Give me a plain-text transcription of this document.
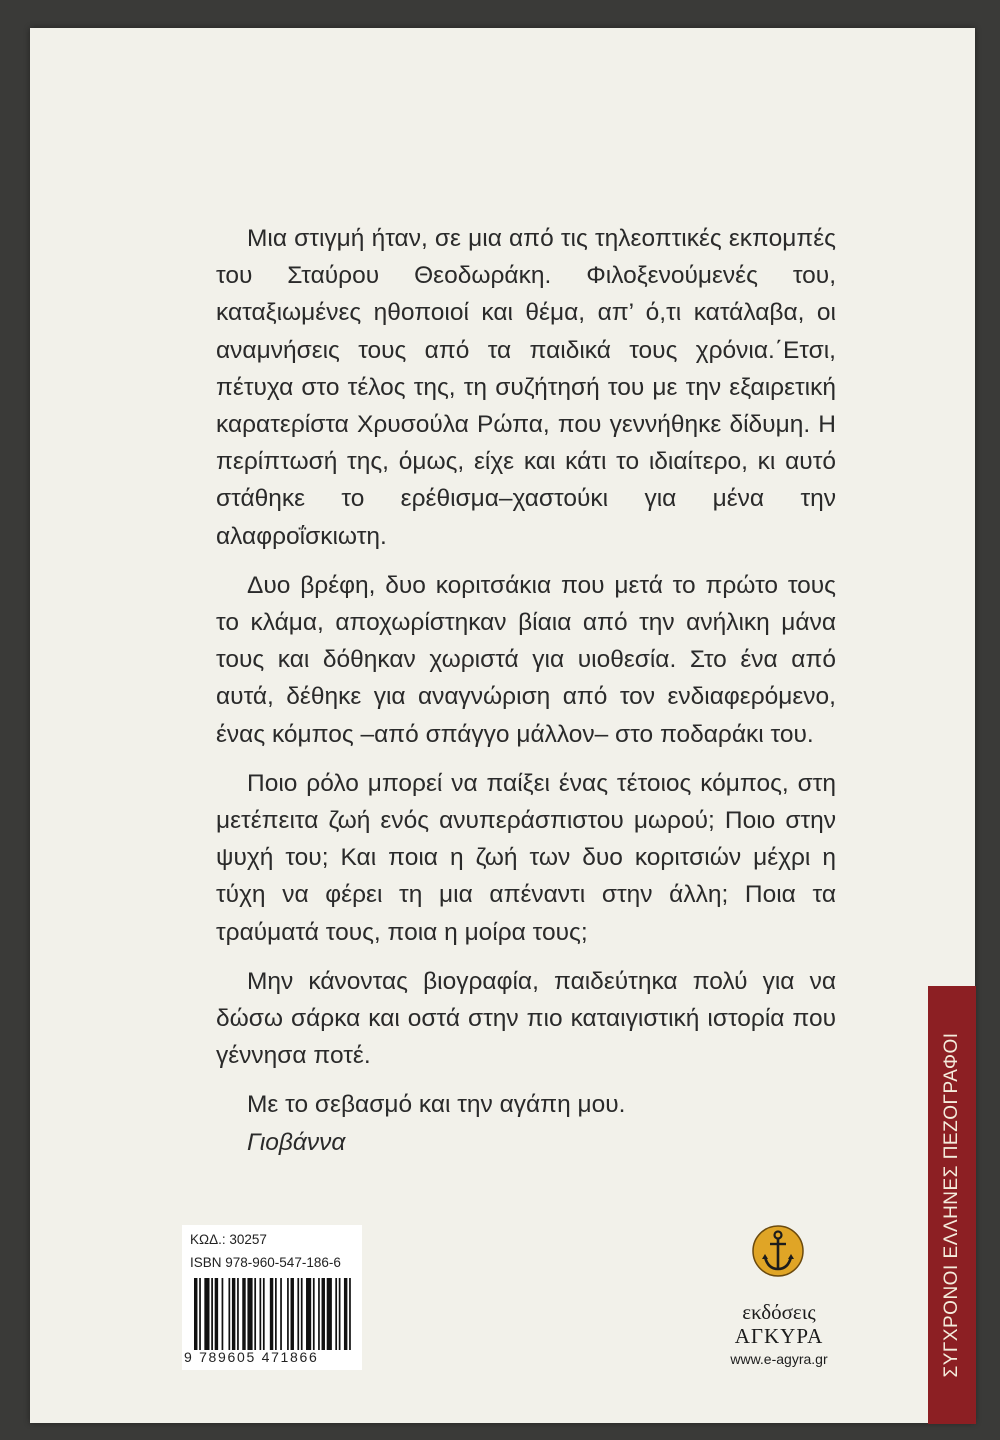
Μια στιγμή ήταν, σε μια από τις τηλεοπτικές εκπομπές του Σταύρου Θεοδωράκη. Φιλοξενούμενές του, καταξιωμένες ηθοποιοί και θέμα, απ’ ό,τι κατάλαβα, οι αναμνήσεις τους από τα παιδικά τους χρόνια.΄Ετσι, πέτυχα στο τέλος της, τη συζήτησή του με την εξαιρετική καρατερίστα Χρυσούλα Ρώπα, που γεννήθηκε δίδυμη. Η περίπτωσή της, όμως, είχε και κάτι το ιδιαίτερο, κι αυτό στάθηκε το ερέθισμα–χαστούκι για μένα την αλαφροΐσκιωτη.

Δυο βρέφη, δυο κοριτσάκια που μετά το πρώτο τους το κλάμα, αποχωρίστηκαν βίαια από την ανήλικη μάνα τους και δόθηκαν χωριστά για υιοθεσία. Στο ένα από αυτά, δέθηκε για αναγνώριση από τον ενδιαφερόμενο, ένας κόμπος –από σπάγγο μάλλον– στο ποδαράκι του.

Ποιο ρόλο μπορεί να παίξει ένας τέτοιος κόμπος, στη μετέπειτα ζωή ενός ανυπεράσπιστου μωρού; Ποιο στην ψυχή του; Και ποια η ζωή των δυο κοριτσιών μέχρι η τύχη να φέρει τη μια απέναντι στην άλλη; Ποια τα τραύματά τους, ποια η μοίρα τους;

Μην κάνοντας βιογραφία, παιδεύτηκα πολύ για να δώσω σάρκα και οστά στην πιο καταιγιστική ιστορία που γέννησα ποτέ.

Με το σεβασμό και την αγάπη μου.

Γιοβάννα

ΚΩΔ.: 30257
ISBN 978-960-547-186-6
9 789605 471866
εκδόσεις
ΑΓΚΥΡΑ
www.e-agyra.gr	ΣΥΓΧΡΟΝΟΙ ΕΛΛΗΝΕΣ ΠΕΖΟΓΡΑΦΟΙ
